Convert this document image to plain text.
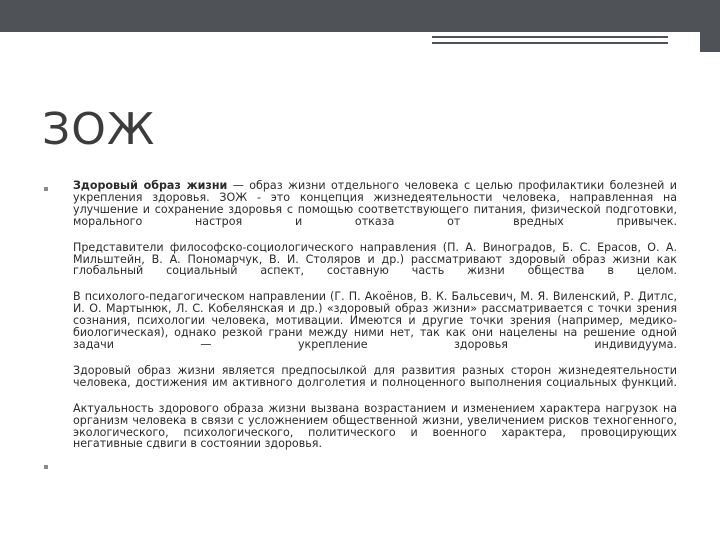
ЗОЖ

Здоровый образ жизни — образ жизни отдельного человека с целью профилактики болезней и укрепления здоровья. ЗОЖ - это концепция жизнедеятельности человека, направленная на улучшение и сохранение здоровья с помощью соответствующего питания, физической подготовки, морального настроя и отказа от вредных привычек.

Представители философско-социологического направления (П. А. Виноградов, Б. С. Ерасов, О. А. Мильштейн, В. А. Пономарчук, В. И. Столяров и др.) рассматривают здоровый образ жизни как глобальный социальный аспект, составную часть жизни общества в целом.

В психолого-педагогическом направлении (Г. П. Акоёнов, В. К. Бальсевич, М. Я. Виленский, Р. Дитлс, И. О. Мартынюк, Л. С. Кобелянская и др.) «здоровый образ жизни» рассматривается с точки зрения сознания, психологии человека, мотивации. Имеются и другие точки зрения (например, медико-биологическая), однако резкой грани между ними нет, так как они нацелены на решение одной задачи — укрепление здоровья индивидуума.

Здоровый образ жизни является предпосылкой для развития разных сторон жизнедеятельности человека, достижения им активного долголетия и полноценного выполнения социальных функций.

Актуальность здорового образа жизни вызвана возрастанием и изменением характера нагрузок на организм человека в связи с усложнением общественной жизни, увеличением рисков техногенного, экологического, психологического, политического и военного характера, провоцирующих негативные сдвиги в состоянии здоровья.
